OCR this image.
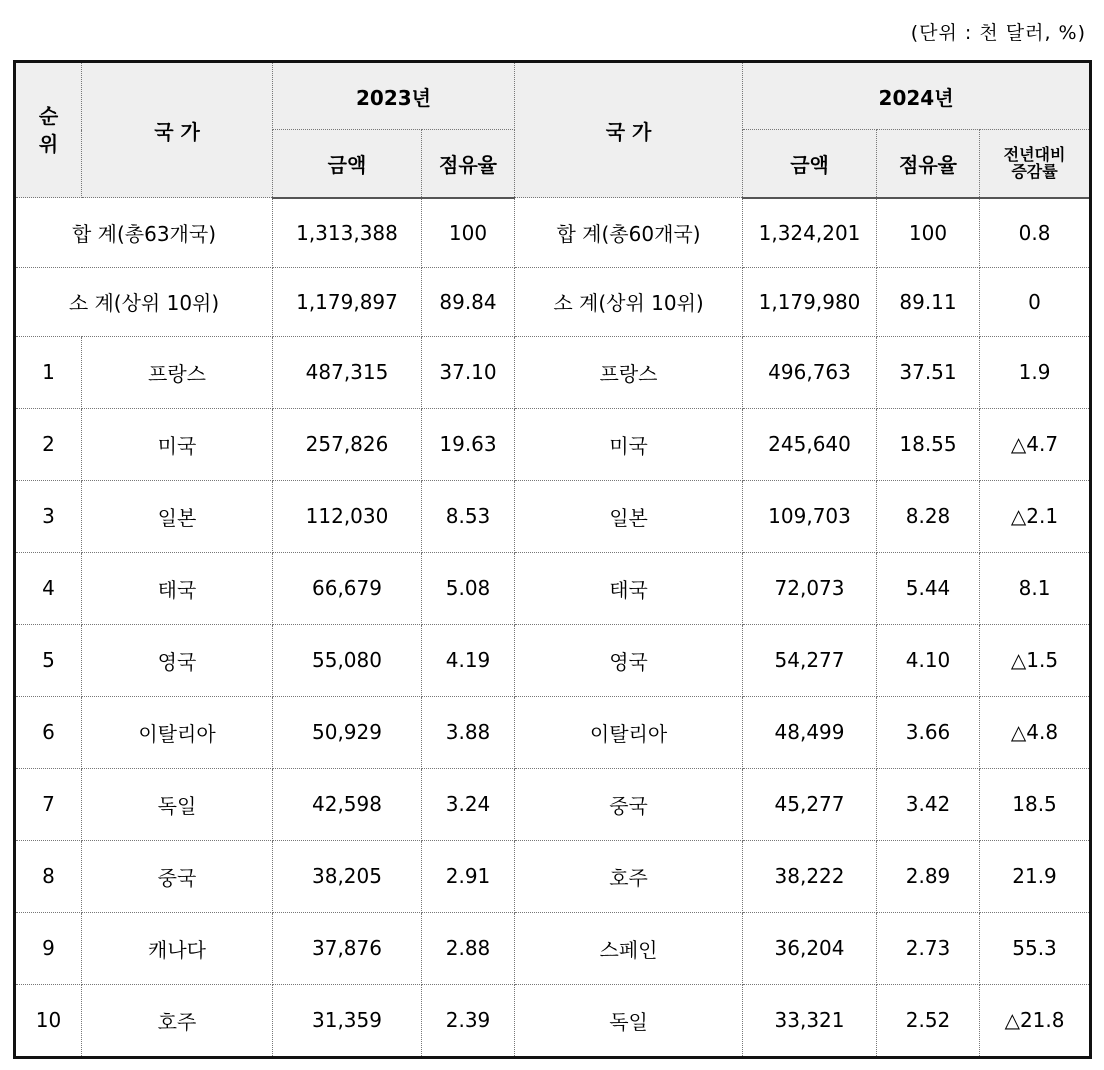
(단위 : 천 달러, %)
순
위	국 가	2023년		국 가	2024년		
		금액	점유율		금액	점유율	전년대비
증감률
합 계(총63개국)		1,313,388	100	합 계(총60개국)	1,324,201	100	0.8
소 계(상위 10위)		1,179,897	89.84	소 계(상위 10위)	1,179,980	89.11	0
1	프랑스	487,315	37.10	프랑스	496,763	37.51	1.9
2	미국	257,826	19.63	미국	245,640	18.55	△4.7
3	일본	112,030	8.53	일본	109,703	8.28	△2.1
4	태국	66,679	5.08	태국	72,073	5.44	8.1
5	영국	55,080	4.19	영국	54,277	4.10	△1.5
6	이탈리아	50,929	3.88	이탈리아	48,499	3.66	△4.8
7	독일	42,598	3.24	중국	45,277	3.42	18.5
8	중국	38,205	2.91	호주	38,222	2.89	21.9
9	캐나다	37,876	2.88	스페인	36,204	2.73	55.3
10	호주	31,359	2.39	독일	33,321	2.52	△21.8
